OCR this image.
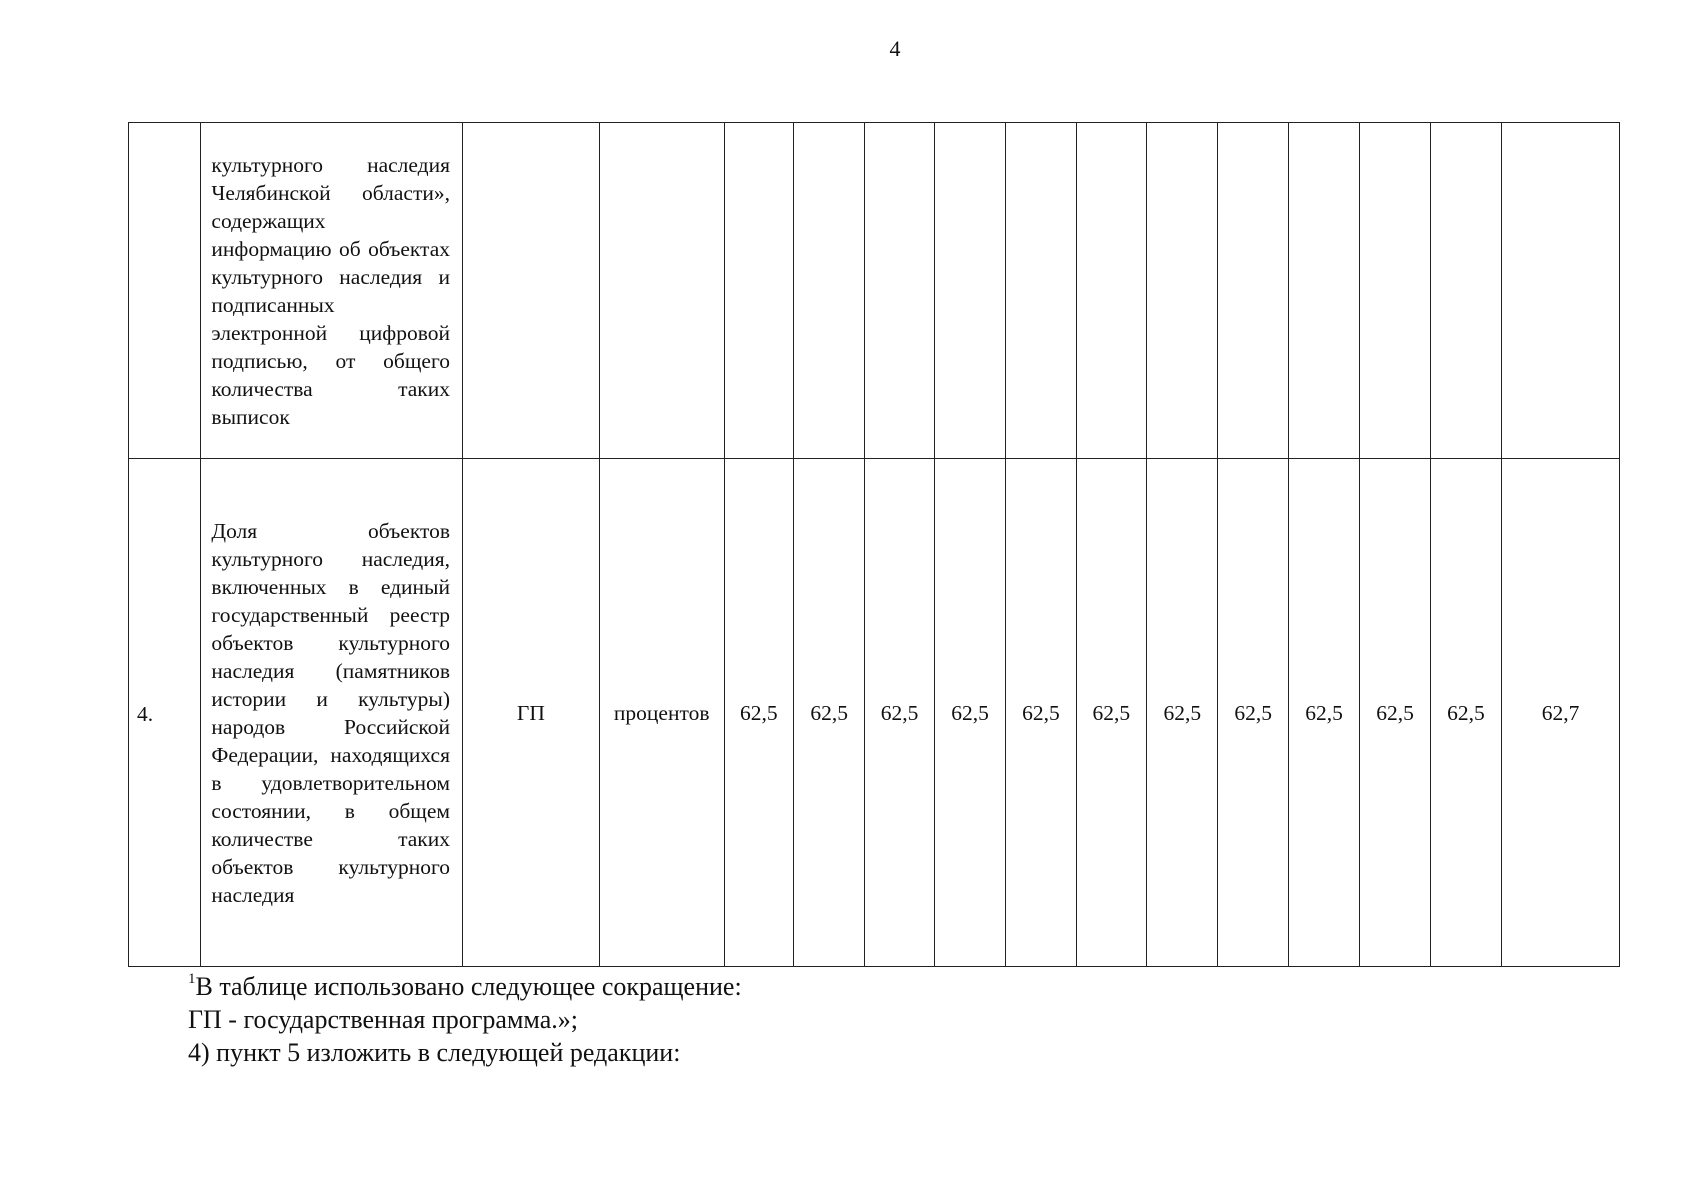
4

	культурного наследия Челябинской области», содержащих информацию об объектах культурного наследия и подписанных электронной цифровой подписью, от общего количества таких выписок														

4.	Доля объектов культурного наследия, включенных в единый государственный реестр объектов культурного наследия (памятников истории и культуры) народов Российской Федерации, находящихся в удовлетворительном состоянии, в общем количестве таких объектов культурного наследия	ГП	процентов	62,5	62,5	62,5	62,5	62,5	62,5	62,5	62,5	62,5	62,5	62,5	62,7

$^1$В таблице использовано следующее сокращение:

ГП - государственная программа.»;

4) пункт 5 изложить в следующей редакции:
